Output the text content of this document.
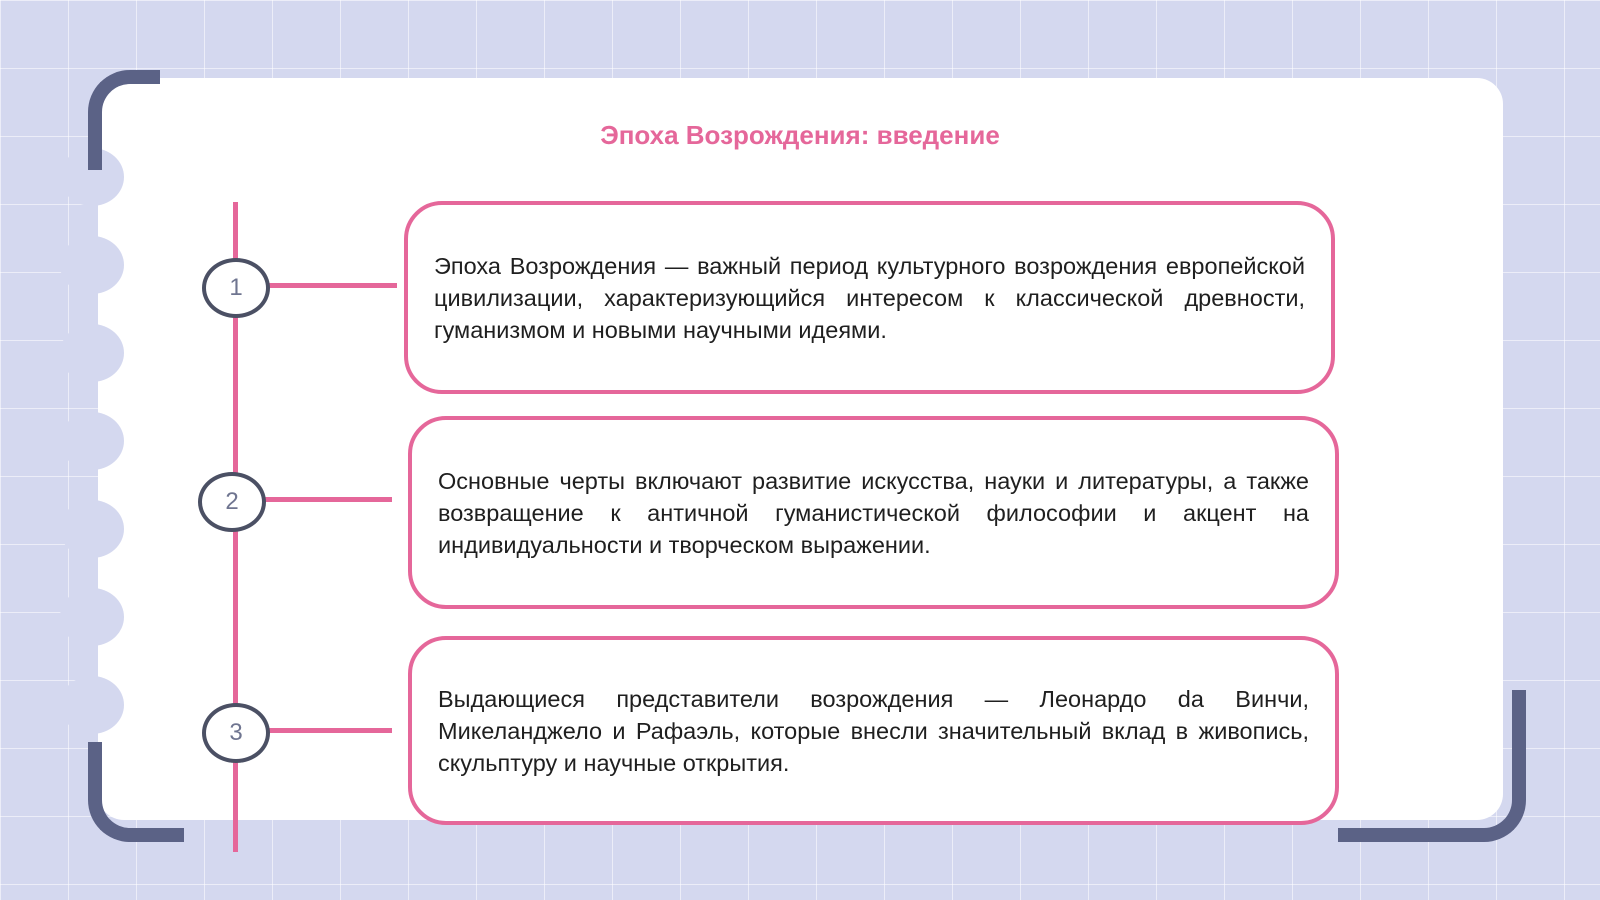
Эпоха Возрождения: введение
1
Эпоха Возрождения — важный период культурного возрождения европейской цивилизации, характеризующийся интересом к классической древности, гуманизмом и новыми научными идеями.
2
Основные черты включают развитие искусства, науки и литературы, а также возвращение к античной гуманистической философии и акцент на индивидуальности и творческом выражении.
3
Выдающиеся представители возрождения — Леонардо da Винчи, Микеланджело и Рафаэль, которые внесли значительный вклад в живопись, скульптуру и научные открытия.
